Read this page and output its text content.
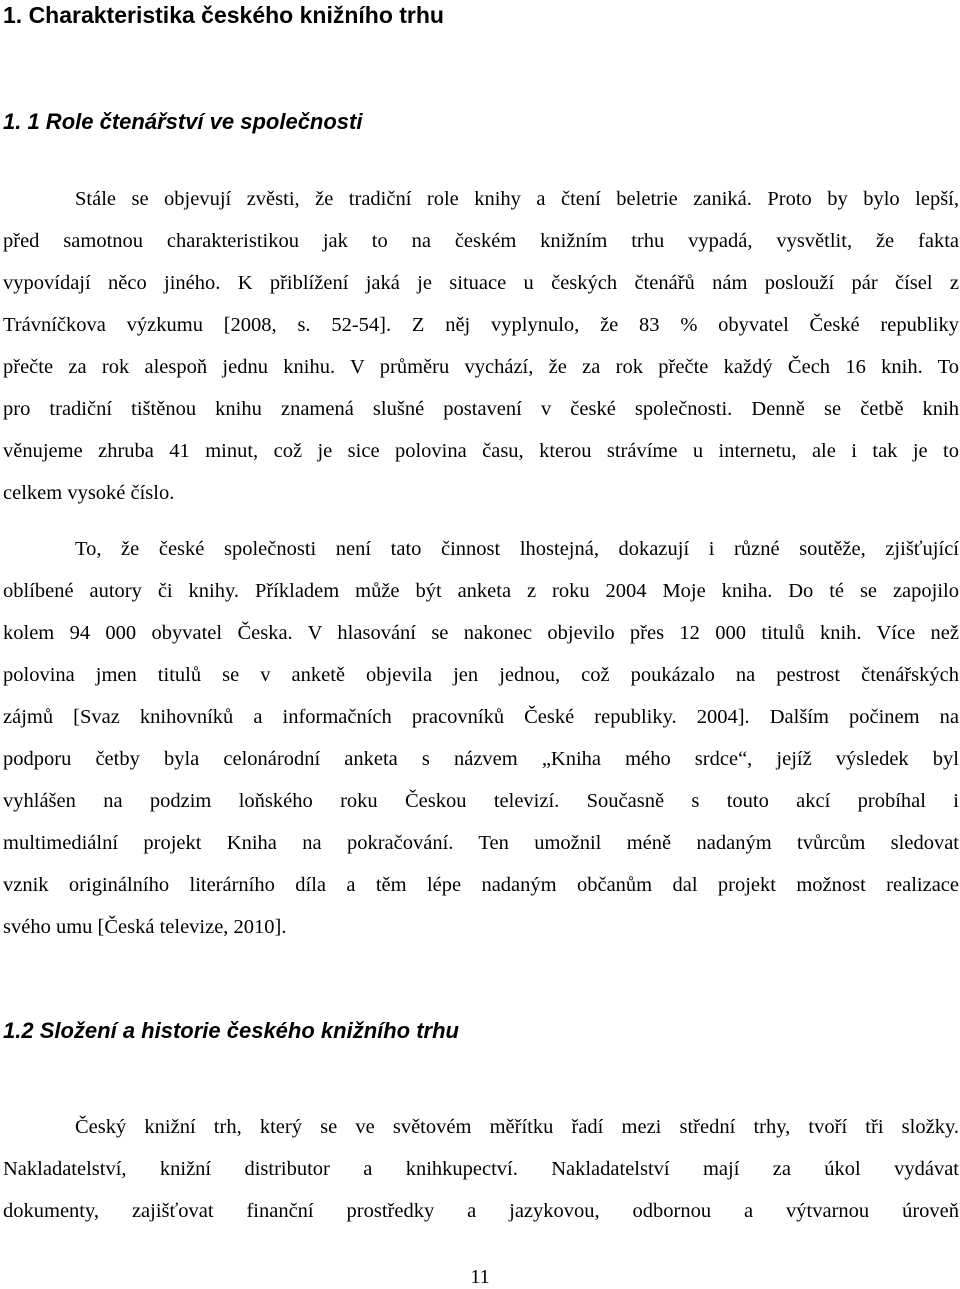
1. Charakteristika českého knižního trhu
1. 1 Role čtenářství ve společnosti
Stále se objevují zvěsti, že tradiční role knihy a čtení beletrie zaniká. Proto by bylo lepší,
před samotnou charakteristikou jak to na českém knižním trhu vypadá, vysvětlit, že fakta
vypovídají něco jiného. K přiblížení jaká je situace u českých čtenářů nám poslouží pár čísel z
Trávníčkova výzkumu [2008, s. 52-54]. Z něj vyplynulo, že 83 % obyvatel České republiky
přečte za rok alespoň jednu knihu. V průměru vychází, že za rok přečte každý Čech 16 knih. To
pro tradiční tištěnou knihu znamená slušné postavení v české společnosti. Denně se četbě knih
věnujeme zhruba 41 minut, což je sice polovina času, kterou strávíme u internetu, ale i tak je to
celkem vysoké číslo.
To, že české společnosti není tato činnost lhostejná, dokazují i různé soutěže, zjišťující
oblíbené autory či knihy. Příkladem může být anketa z roku 2004 Moje kniha. Do té se zapojilo
kolem 94 000 obyvatel Česka. V hlasování se nakonec objevilo přes 12 000 titulů knih. Více než
polovina jmen titulů se v anketě objevila jen jednou, což poukázalo na pestrost čtenářských
zájmů [Svaz knihovníků a informačních pracovníků České republiky. 2004]. Dalším počinem na
podporu četby byla celonárodní anketa s názvem „Kniha mého srdce“, jejíž výsledek byl
vyhlášen na podzim loňského roku Českou televizí. Současně s touto akcí probíhal i
multimediální projekt Kniha na pokračování. Ten umožnil méně nadaným tvůrcům sledovat
vznik originálního literárního díla a těm lépe nadaným občanům dal projekt možnost realizace
svého umu [Česká televize, 2010].
1.2 Složení a historie českého knižního trhu
Český knižní trh, který se ve světovém měřítku řadí mezi střední trhy, tvoří tři složky.
Nakladatelství, knižní distributor a knihkupectví. Nakladatelství mají za úkol vydávat
dokumenty, zajišťovat finanční prostředky a jazykovou, odbornou a výtvarnou úroveň
11
